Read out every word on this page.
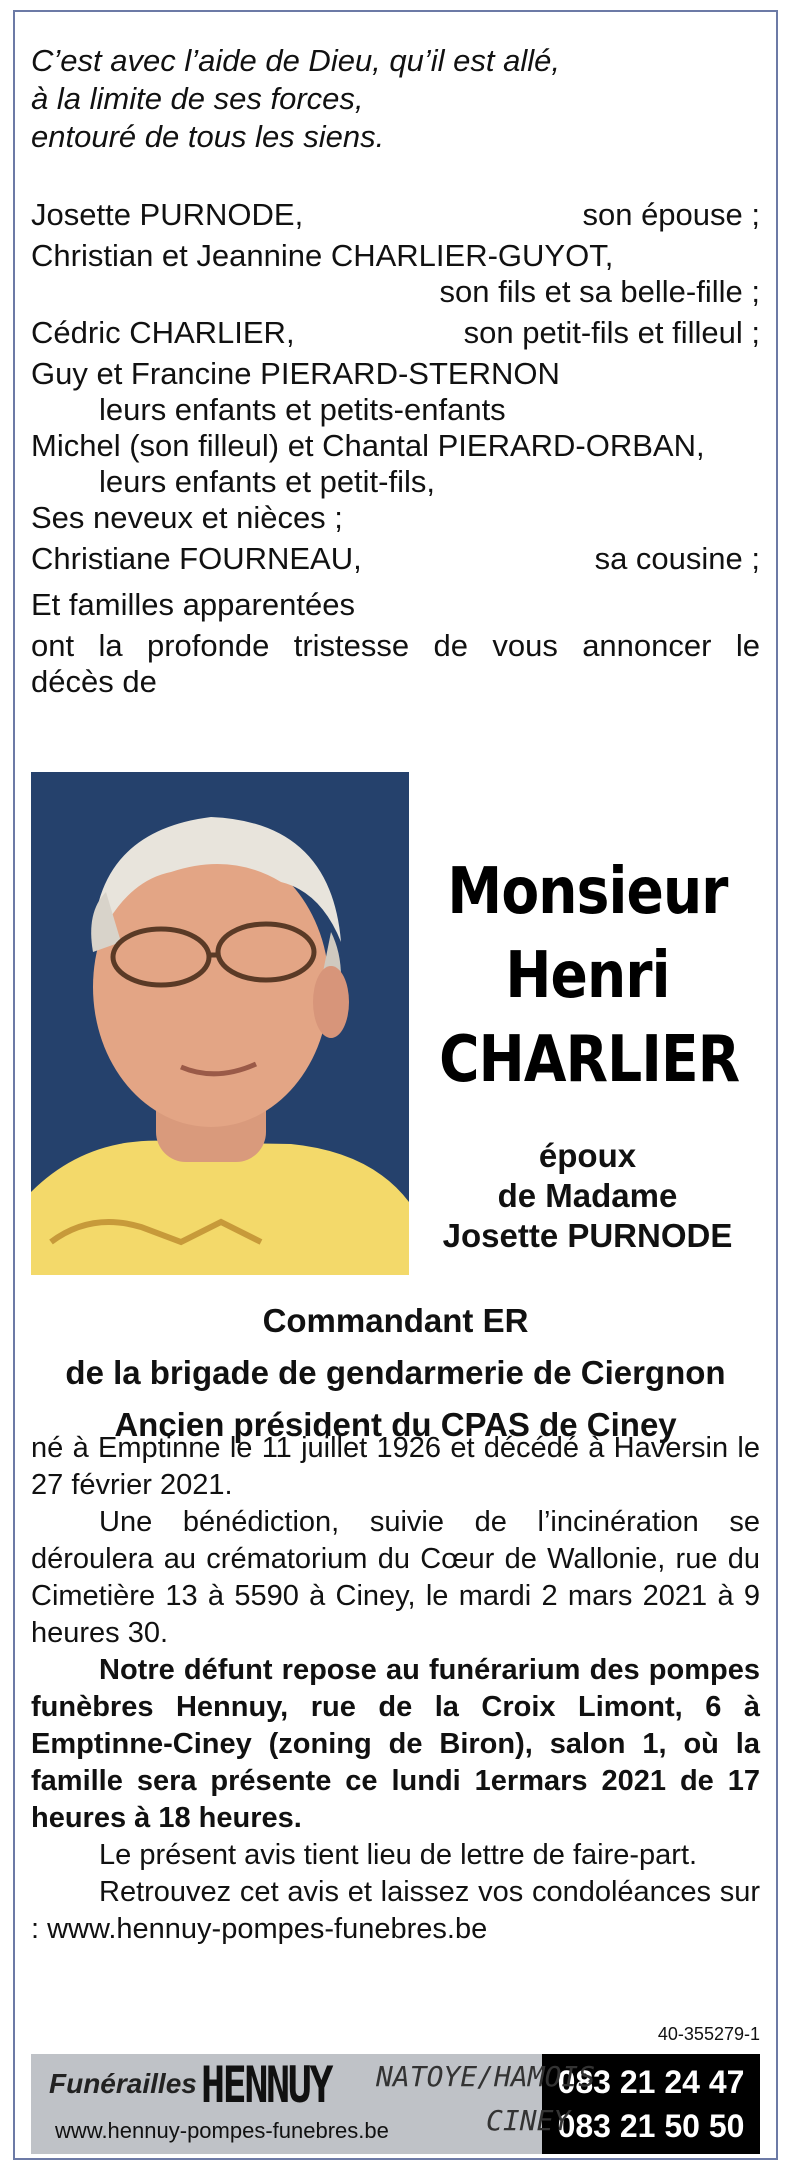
C’est avec l’aide de Dieu, qu’il est allé,
à la limite de ses forces,
entouré de tous les siens.
Josette PURNODE,	son épouse ;
Christian et Jeannine CHARLIER-GUYOT,
son fils et sa belle-fille ;
Cédric CHARLIER,	son petit-fils et filleul ;
Guy et Francine PIERARD-STERNON
leurs enfants et petits-enfants
Michel (son filleul) et Chantal PIERARD-ORBAN,
leurs enfants et petit-fils,
Ses neveux et nièces ;
Christiane FOURNEAU,	sa cousine ;
Et familles apparentées
ont la profonde tristesse de vous annoncer le
décès de
Monsieur
Henri
CHARLIER
époux
de Madame
Josette PURNODE
Commandant ER
de la brigade de gendarmerie de Ciergnon
Ancien président du CPAS de Ciney

né à Emptinne le 11 juillet 1926 et décédé à Haversin le 27 février 2021.

Une bénédiction, suivie de l’incinération se déroulera au crématorium du Cœur de Wallonie, rue du Cimetière 13 à 5590 à Ciney, le mardi 2 mars 2021 à 9 heures 30.

Notre défunt repose au funérarium des pompes funèbres Hennuy, rue de la Croix Limont, 6 à Emptinne-Ciney (zoning de Biron), salon 1, où la famille sera présente ce lundi 1ermars 2021 de 17 heures à 18 heures.

Le présent avis tient lieu de lettre de faire-part.

Retrouvez cet avis et laissez vos condoléances sur : www.hennuy-pompes-funebres.be

40-355279-1
Funérailles HENNUY NATOYE/HAMOIS
CINEY
www.hennuy-pompes-funebres.be
083 21 24 47
083 21 50 50
